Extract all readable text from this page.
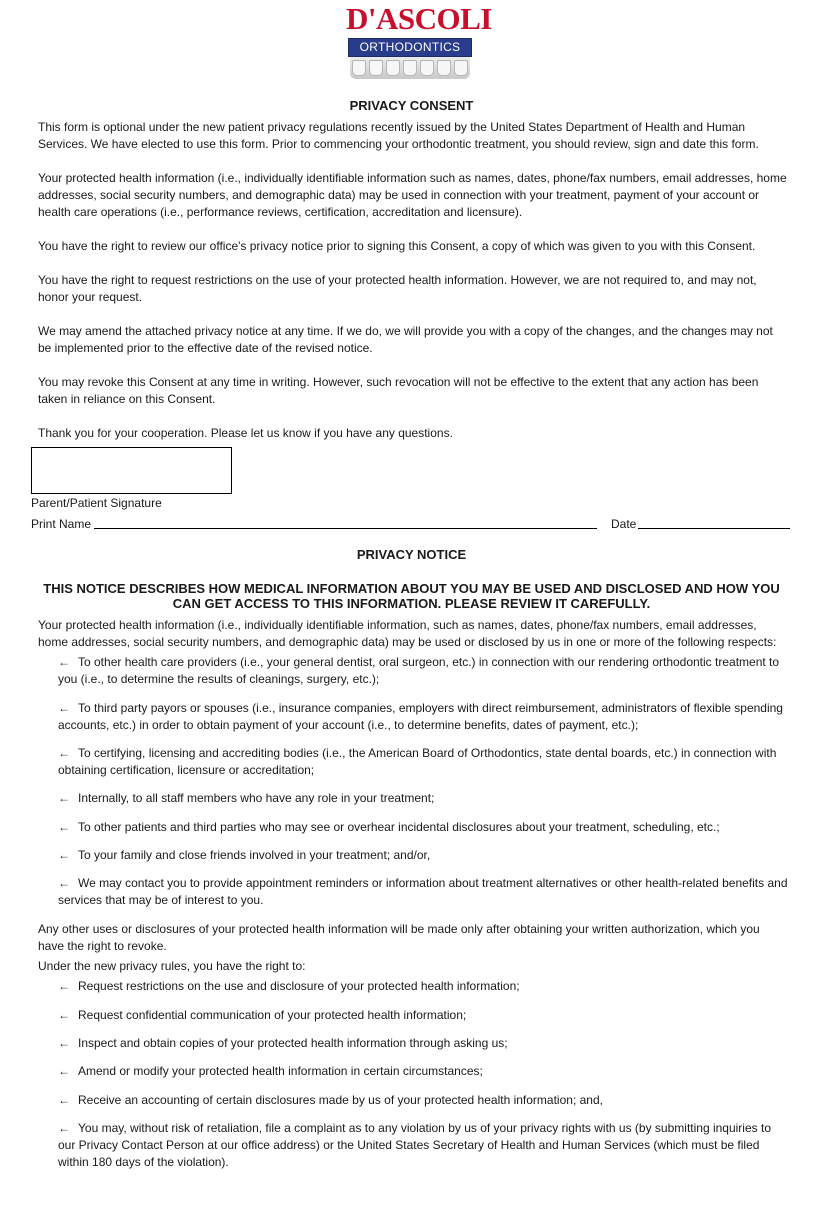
D'ASCOLI
ORTHODONTICS
PRIVACY CONSENT

This form is optional under the new patient privacy regulations recently issued by the United States Department of Health and Human Services. We have elected to use this form. Prior to commencing your orthodontic treatment, you should review, sign and date this form.

Your protected health information (i.e., individually identifiable information such as names, dates, phone/fax numbers, email addresses, home addresses, social security numbers, and demographic data) may be used in connection with your treatment, payment of your account or health care operations (i.e., performance reviews, certification, accreditation and licensure).

You have the right to review our office's privacy notice prior to signing this Consent, a copy of which was given to you with this Consent.

You have the right to request restrictions on the use of your protected health information. However, we are not required to, and may not, honor your request.

We may amend the attached privacy notice at any time. If we do, we will provide you with a copy of the changes, and the changes may not be implemented prior to the effective date of the revised notice.

You may revoke this Consent at any time in writing. However, such revocation will not be effective to the extent that any action has been taken in reliance on this Consent.

Thank you for your cooperation. Please let us know if you have any questions.

Parent/Patient Signature
Print Name	Date
PRIVACY NOTICE
THIS NOTICE DESCRIBES HOW MEDICAL INFORMATION ABOUT YOU MAY BE USED AND DISCLOSED AND HOW YOU CAN GET ACCESS TO THIS INFORMATION. PLEASE REVIEW IT CAREFULLY.

Your protected health information (i.e., individually identifiable information, such as names, dates, phone/fax numbers, email addresses, home addresses, social security numbers, and demographic data) may be used or disclosed by us in one or more of the following respects:

← To other health care providers (i.e., your general dentist, oral surgeon, etc.) in connection with our rendering orthodontic treatment to you (i.e., to determine the results of cleanings, surgery, etc.);
← To third party payors or spouses (i.e., insurance companies, employers with direct reimbursement, administrators of flexible spending accounts, etc.) in order to obtain payment of your account (i.e., to determine benefits, dates of payment, etc.);
← To certifying, licensing and accrediting bodies (i.e., the American Board of Orthodontics, state dental boards, etc.) in connection with obtaining certification, licensure or accreditation;
← Internally, to all staff members who have any role in your treatment;
← To other patients and third parties who may see or overhear incidental disclosures about your treatment, scheduling, etc.;
← To your family and close friends involved in your treatment; and/or,
← We may contact you to provide appointment reminders or information about treatment alternatives or other health-related benefits and services that may be of interest to you.

Any other uses or disclosures of your protected health information will be made only after obtaining your written authorization, which you have the right to revoke.

Under the new privacy rules, you have the right to:

← Request restrictions on the use and disclosure of your protected health information;
← Request confidential communication of your protected health information;
← Inspect and obtain copies of your protected health information through asking us;
← Amend or modify your protected health information in certain circumstances;
← Receive an accounting of certain disclosures made by us of your protected health information; and,
← You may, without risk of retaliation, file a complaint as to any violation by us of your privacy rights with us (by submitting inquiries to our Privacy Contact Person at our office address) or the United States Secretary of Health and Human Services (which must be filed within 180 days of the violation).
